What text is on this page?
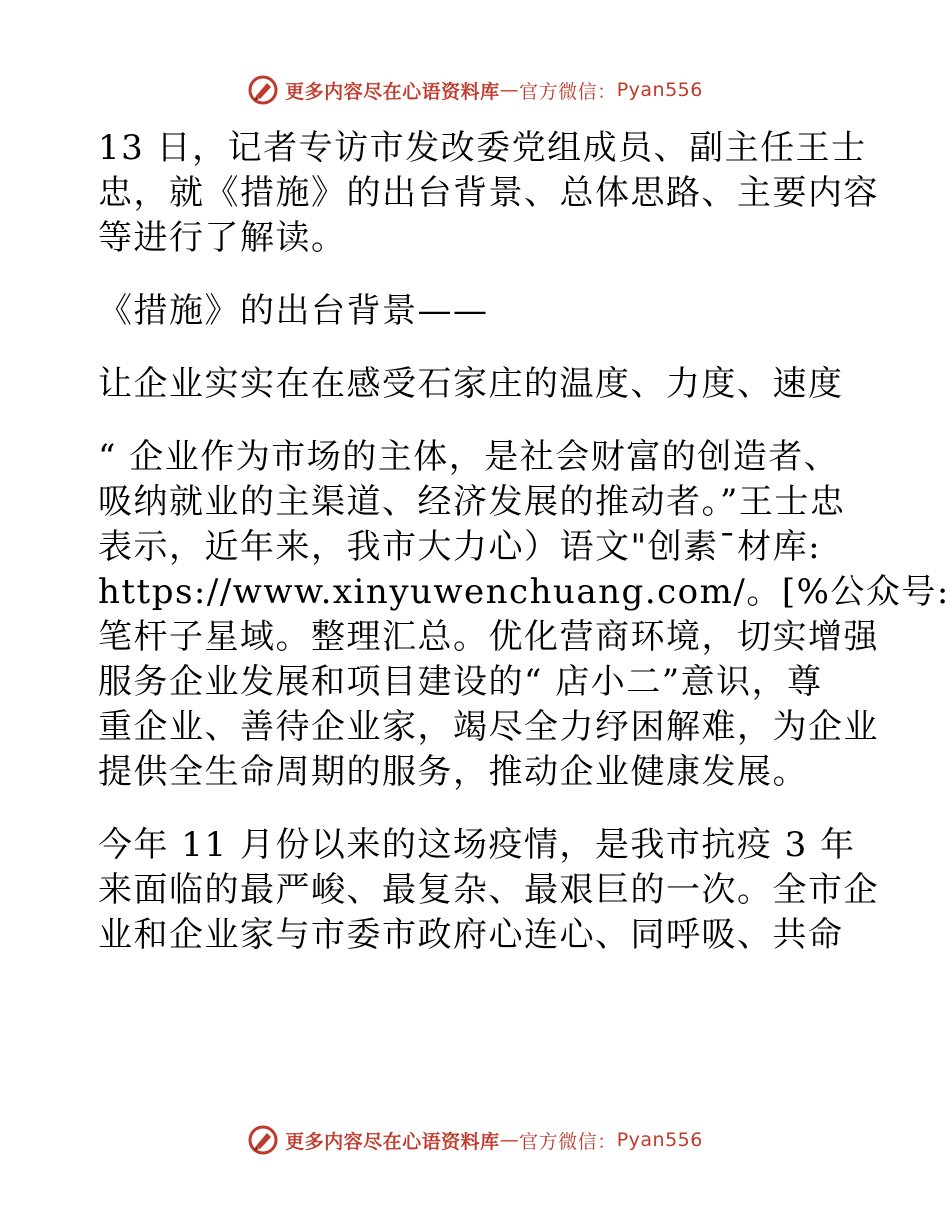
更多内容尽在心语资料库 — 官方微信： Pyan556

13 日，记者专访市发改委党组成员、副主任王士
忠，就《措施》的出台背景、总体思路、主要内容
等进行了解读。

《措施》的出台背景——

让企业实实在在感受石家庄的温度、力度、速度

“ 企业作为市场的主体，是社会财富的创造者、
吸纳就业的主渠道、经济发展的推动者。”王士忠
表示，近年来，我市大力心）语文"创素¯材库:
https://www.xinyuwenchuang.com/。[%公众号:
笔杆子星域。整理汇总。优化营商环境，切实增强
服务企业发展和项目建设的“ 店小二”意识，尊
重企业、善待企业家，竭尽全力纾困解难，为企业
提供全生命周期的服务，推动企业健康发展。

今年 11 月份以来的这场疫情，是我市抗疫 3 年
来面临的最严峻、最复杂、最艰巨的一次。全市企
业和企业家与市委市政府心连心、同呼吸、共命

更多内容尽在心语资料库 — 官方微信： Pyan556
